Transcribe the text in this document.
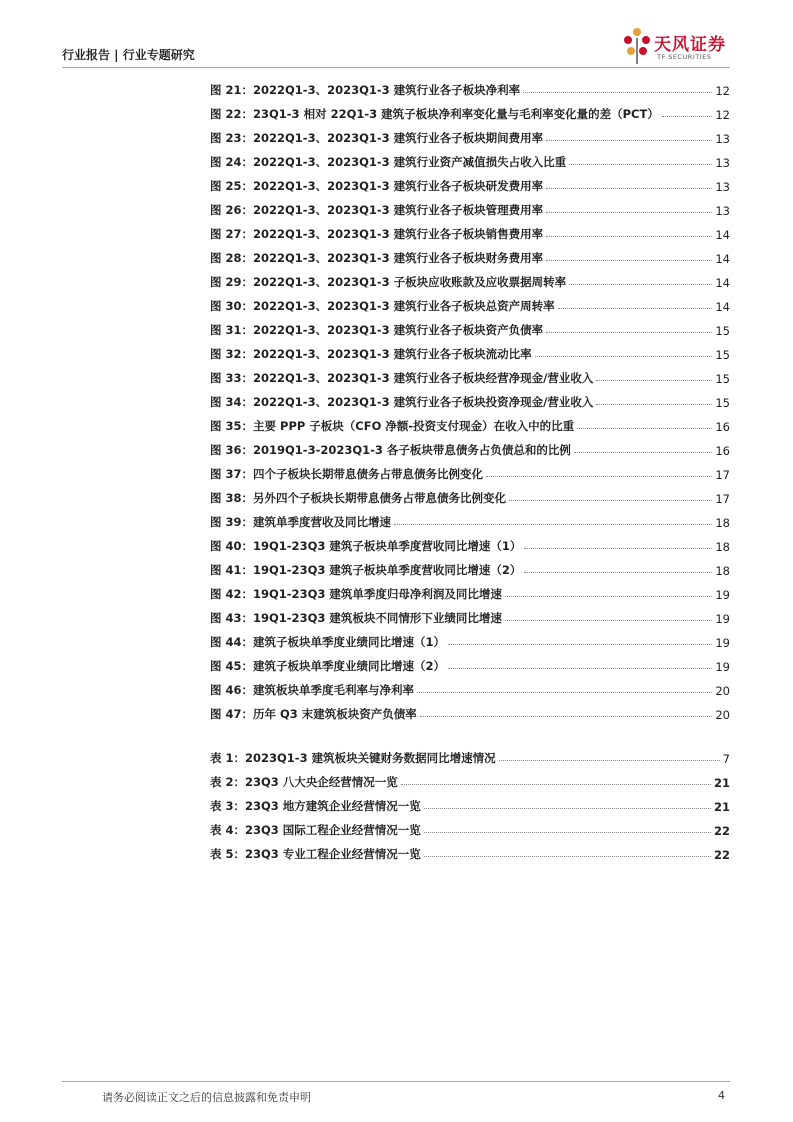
行业报告 | 行业专题研究	天风证券
TF SECURITIES
图 21：2022Q1-3、2023Q1-3 建筑行业各子板块净利率	12
图 22：23Q1-3 相对 22Q1-3 建筑子板块净利率变化量与毛利率变化量的差（PCT）	12
图 23：2022Q1-3、2023Q1-3 建筑行业各子板块期间费用率	13
图 24：2022Q1-3、2023Q1-3 建筑行业资产减值损失占收入比重	13
图 25：2022Q1-3、2023Q1-3 建筑行业各子板块研发费用率	13
图 26：2022Q1-3、2023Q1-3 建筑行业各子板块管理费用率	13
图 27：2022Q1-3、2023Q1-3 建筑行业各子板块销售费用率	14
图 28：2022Q1-3、2023Q1-3 建筑行业各子板块财务费用率	14
图 29：2022Q1-3、2023Q1-3 子板块应收账款及应收票据周转率	14
图 30：2022Q1-3、2023Q1-3 建筑行业各子板块总资产周转率	14
图 31：2022Q1-3、2023Q1-3 建筑行业各子板块资产负债率	15
图 32：2022Q1-3、2023Q1-3 建筑行业各子板块流动比率	15
图 33：2022Q1-3、2023Q1-3 建筑行业各子板块经营净现金/营业收入	15
图 34：2022Q1-3、2023Q1-3 建筑行业各子板块投资净现金/营业收入	15
图 35：主要 PPP 子板块（CFO 净额-投资支付现金）在收入中的比重	16
图 36：2019Q1-3-2023Q1-3 各子板块带息债务占负债总和的比例	16
图 37：四个子板块长期带息债务占带息债务比例变化	17
图 38：另外四个子板块长期带息债务占带息债务比例变化	17
图 39：建筑单季度营收及同比增速	18
图 40：19Q1-23Q3 建筑子板块单季度营收同比增速（1）	18
图 41：19Q1-23Q3 建筑子板块单季度营收同比增速（2）	18
图 42：19Q1-23Q3 建筑单季度归母净利润及同比增速	19
图 43：19Q1-23Q3 建筑板块不同情形下业绩同比增速	19
图 44：建筑子板块单季度业绩同比增速（1）	19
图 45：建筑子板块单季度业绩同比增速（2）	19
图 46：建筑板块单季度毛利率与净利率	20
图 47：历年 Q3 末建筑板块资产负债率	20
表 1：2023Q1-3 建筑板块关键财务数据同比增速情况	7
表 2：23Q3 八大央企经营情况一览	21
表 3：23Q3 地方建筑企业经营情况一览	21
表 4：23Q3 国际工程企业经营情况一览	22
表 5：23Q3 专业工程企业经营情况一览	22
请务必阅读正文之后的信息披露和免责申明	4
